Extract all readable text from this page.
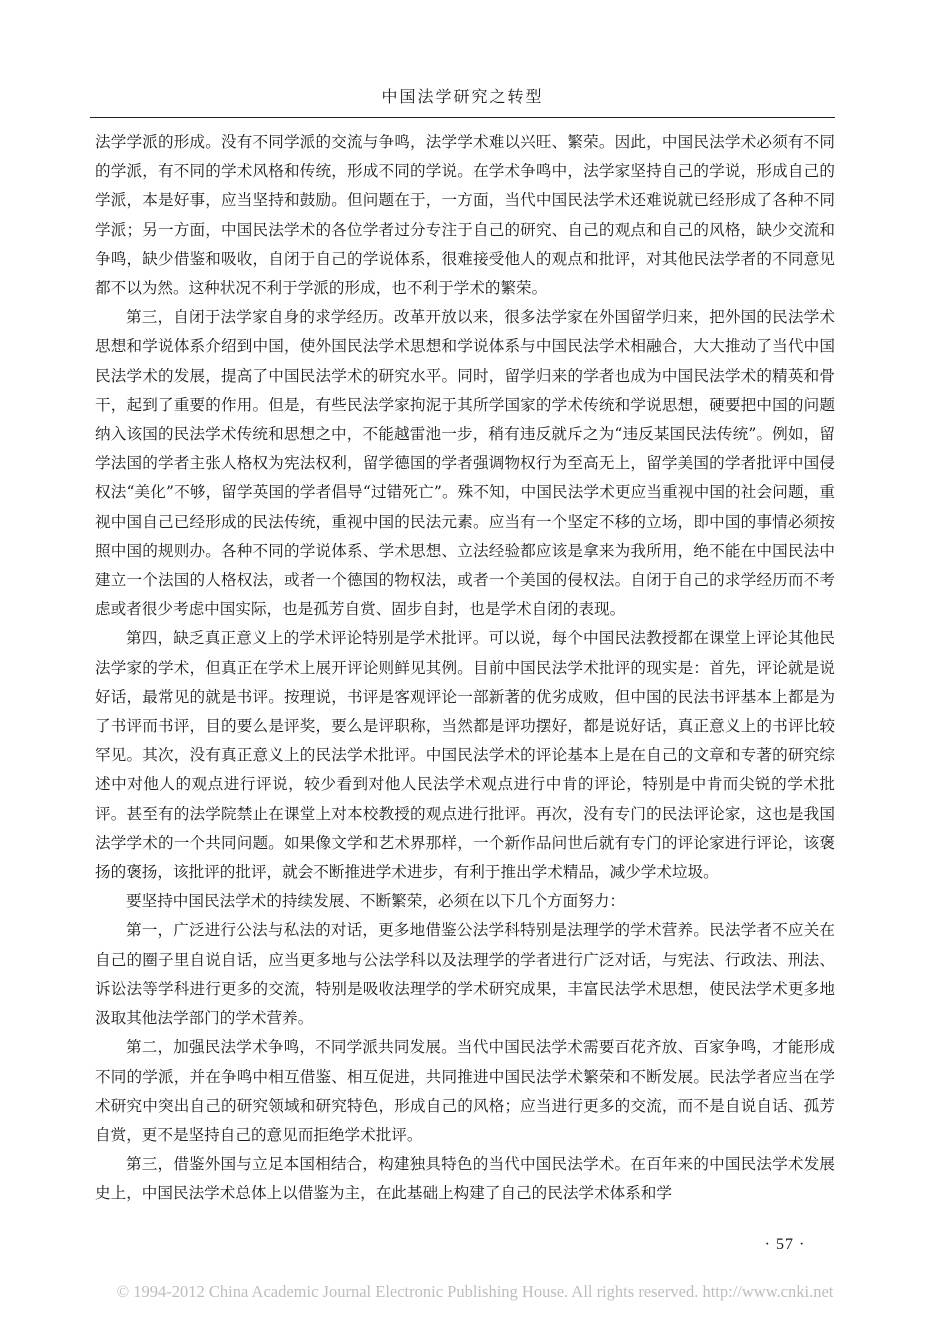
中国法学研究之转型

法学学派的形成。没有不同学派的交流与争鸣，法学学术难以兴旺、繁荣。因此，中国民法学术必须有不同的学派，有不同的学术风格和传统，形成不同的学说。在学术争鸣中，法学家坚持自己的学说，形成自己的学派，本是好事，应当坚持和鼓励。但问题在于，一方面，当代中国民法学术还难说就已经形成了各种不同学派；另一方面，中国民法学术的各位学者过分专注于自己的研究、自己的观点和自己的风格，缺少交流和争鸣，缺少借鉴和吸收，自闭于自己的学说体系，很难接受他人的观点和批评，对其他民法学者的不同意见都不以为然。这种状况不利于学派的形成，也不利于学术的繁荣。

第三，自闭于法学家自身的求学经历。改革开放以来，很多法学家在外国留学归来，把外国的民法学术思想和学说体系介绍到中国，使外国民法学术思想和学说体系与中国民法学术相融合，大大推动了当代中国民法学术的发展，提高了中国民法学术的研究水平。同时，留学归来的学者也成为中国民法学术的精英和骨干，起到了重要的作用。但是，有些民法学家拘泥于其所学国家的学术传统和学说思想，硬要把中国的问题纳入该国的民法学术传统和思想之中，不能越雷池一步，稍有违反就斥之为“违反某国民法传统”。例如，留学法国的学者主张人格权为宪法权利，留学德国的学者强调物权行为至高无上，留学美国的学者批评中国侵权法“美化”不够，留学英国的学者倡导“过错死亡”。殊不知，中国民法学术更应当重视中国的社会问题，重视中国自己已经形成的民法传统，重视中国的民法元素。应当有一个坚定不移的立场，即中国的事情必须按照中国的规则办。各种不同的学说体系、学术思想、立法经验都应该是拿来为我所用，绝不能在中国民法中建立一个法国的人格权法，或者一个德国的物权法，或者一个美国的侵权法。自闭于自己的求学经历而不考虑或者很少考虑中国实际，也是孤芳自赏、固步自封，也是学术自闭的表现。

第四，缺乏真正意义上的学术评论特别是学术批评。可以说，每个中国民法教授都在课堂上评论其他民法学家的学术，但真正在学术上展开评论则鲜见其例。目前中国民法学术批评的现实是：首先，评论就是说好话，最常见的就是书评。按理说，书评是客观评论一部新著的优劣成败，但中国的民法书评基本上都是为了书评而书评，目的要么是评奖，要么是评职称，当然都是评功摆好，都是说好话，真正意义上的书评比较罕见。其次，没有真正意义上的民法学术批评。中国民法学术的评论基本上是在自己的文章和专著的研究综述中对他人的观点进行评说，较少看到对他人民法学术观点进行中肯的评论，特别是中肯而尖锐的学术批评。甚至有的法学院禁止在课堂上对本校教授的观点进行批评。再次，没有专门的民法评论家，这也是我国法学学术的一个共同问题。如果像文学和艺术界那样，一个新作品问世后就有专门的评论家进行评论，该褒扬的褒扬，该批评的批评，就会不断推进学术进步，有利于推出学术精品，减少学术垃圾。

要坚持中国民法学术的持续发展、不断繁荣，必须在以下几个方面努力：

第一，广泛进行公法与私法的对话，更多地借鉴公法学科特别是法理学的学术营养。民法学者不应关在自己的圈子里自说自话，应当更多地与公法学科以及法理学的学者进行广泛对话，与宪法、行政法、刑法、诉讼法等学科进行更多的交流，特别是吸收法理学的学术研究成果，丰富民法学术思想，使民法学术更多地汲取其他法学部门的学术营养。

第二，加强民法学术争鸣，不同学派共同发展。当代中国民法学术需要百花齐放、百家争鸣，才能形成不同的学派，并在争鸣中相互借鉴、相互促进，共同推进中国民法学术繁荣和不断发展。民法学者应当在学术研究中突出自己的研究领域和研究特色，形成自己的风格；应当进行更多的交流，而不是自说自话、孤芳自赏，更不是坚持自己的意见而拒绝学术批评。

第三，借鉴外国与立足本国相结合，构建独具特色的当代中国民法学术。在百年来的中国民法学术发展史上，中国民法学术总体上以借鉴为主，在此基础上构建了自己的民法学术体系和学

· 57 ·
© 1994-2012 China Academic Journal Electronic Publishing House. All rights reserved. http://www.cnki.net
